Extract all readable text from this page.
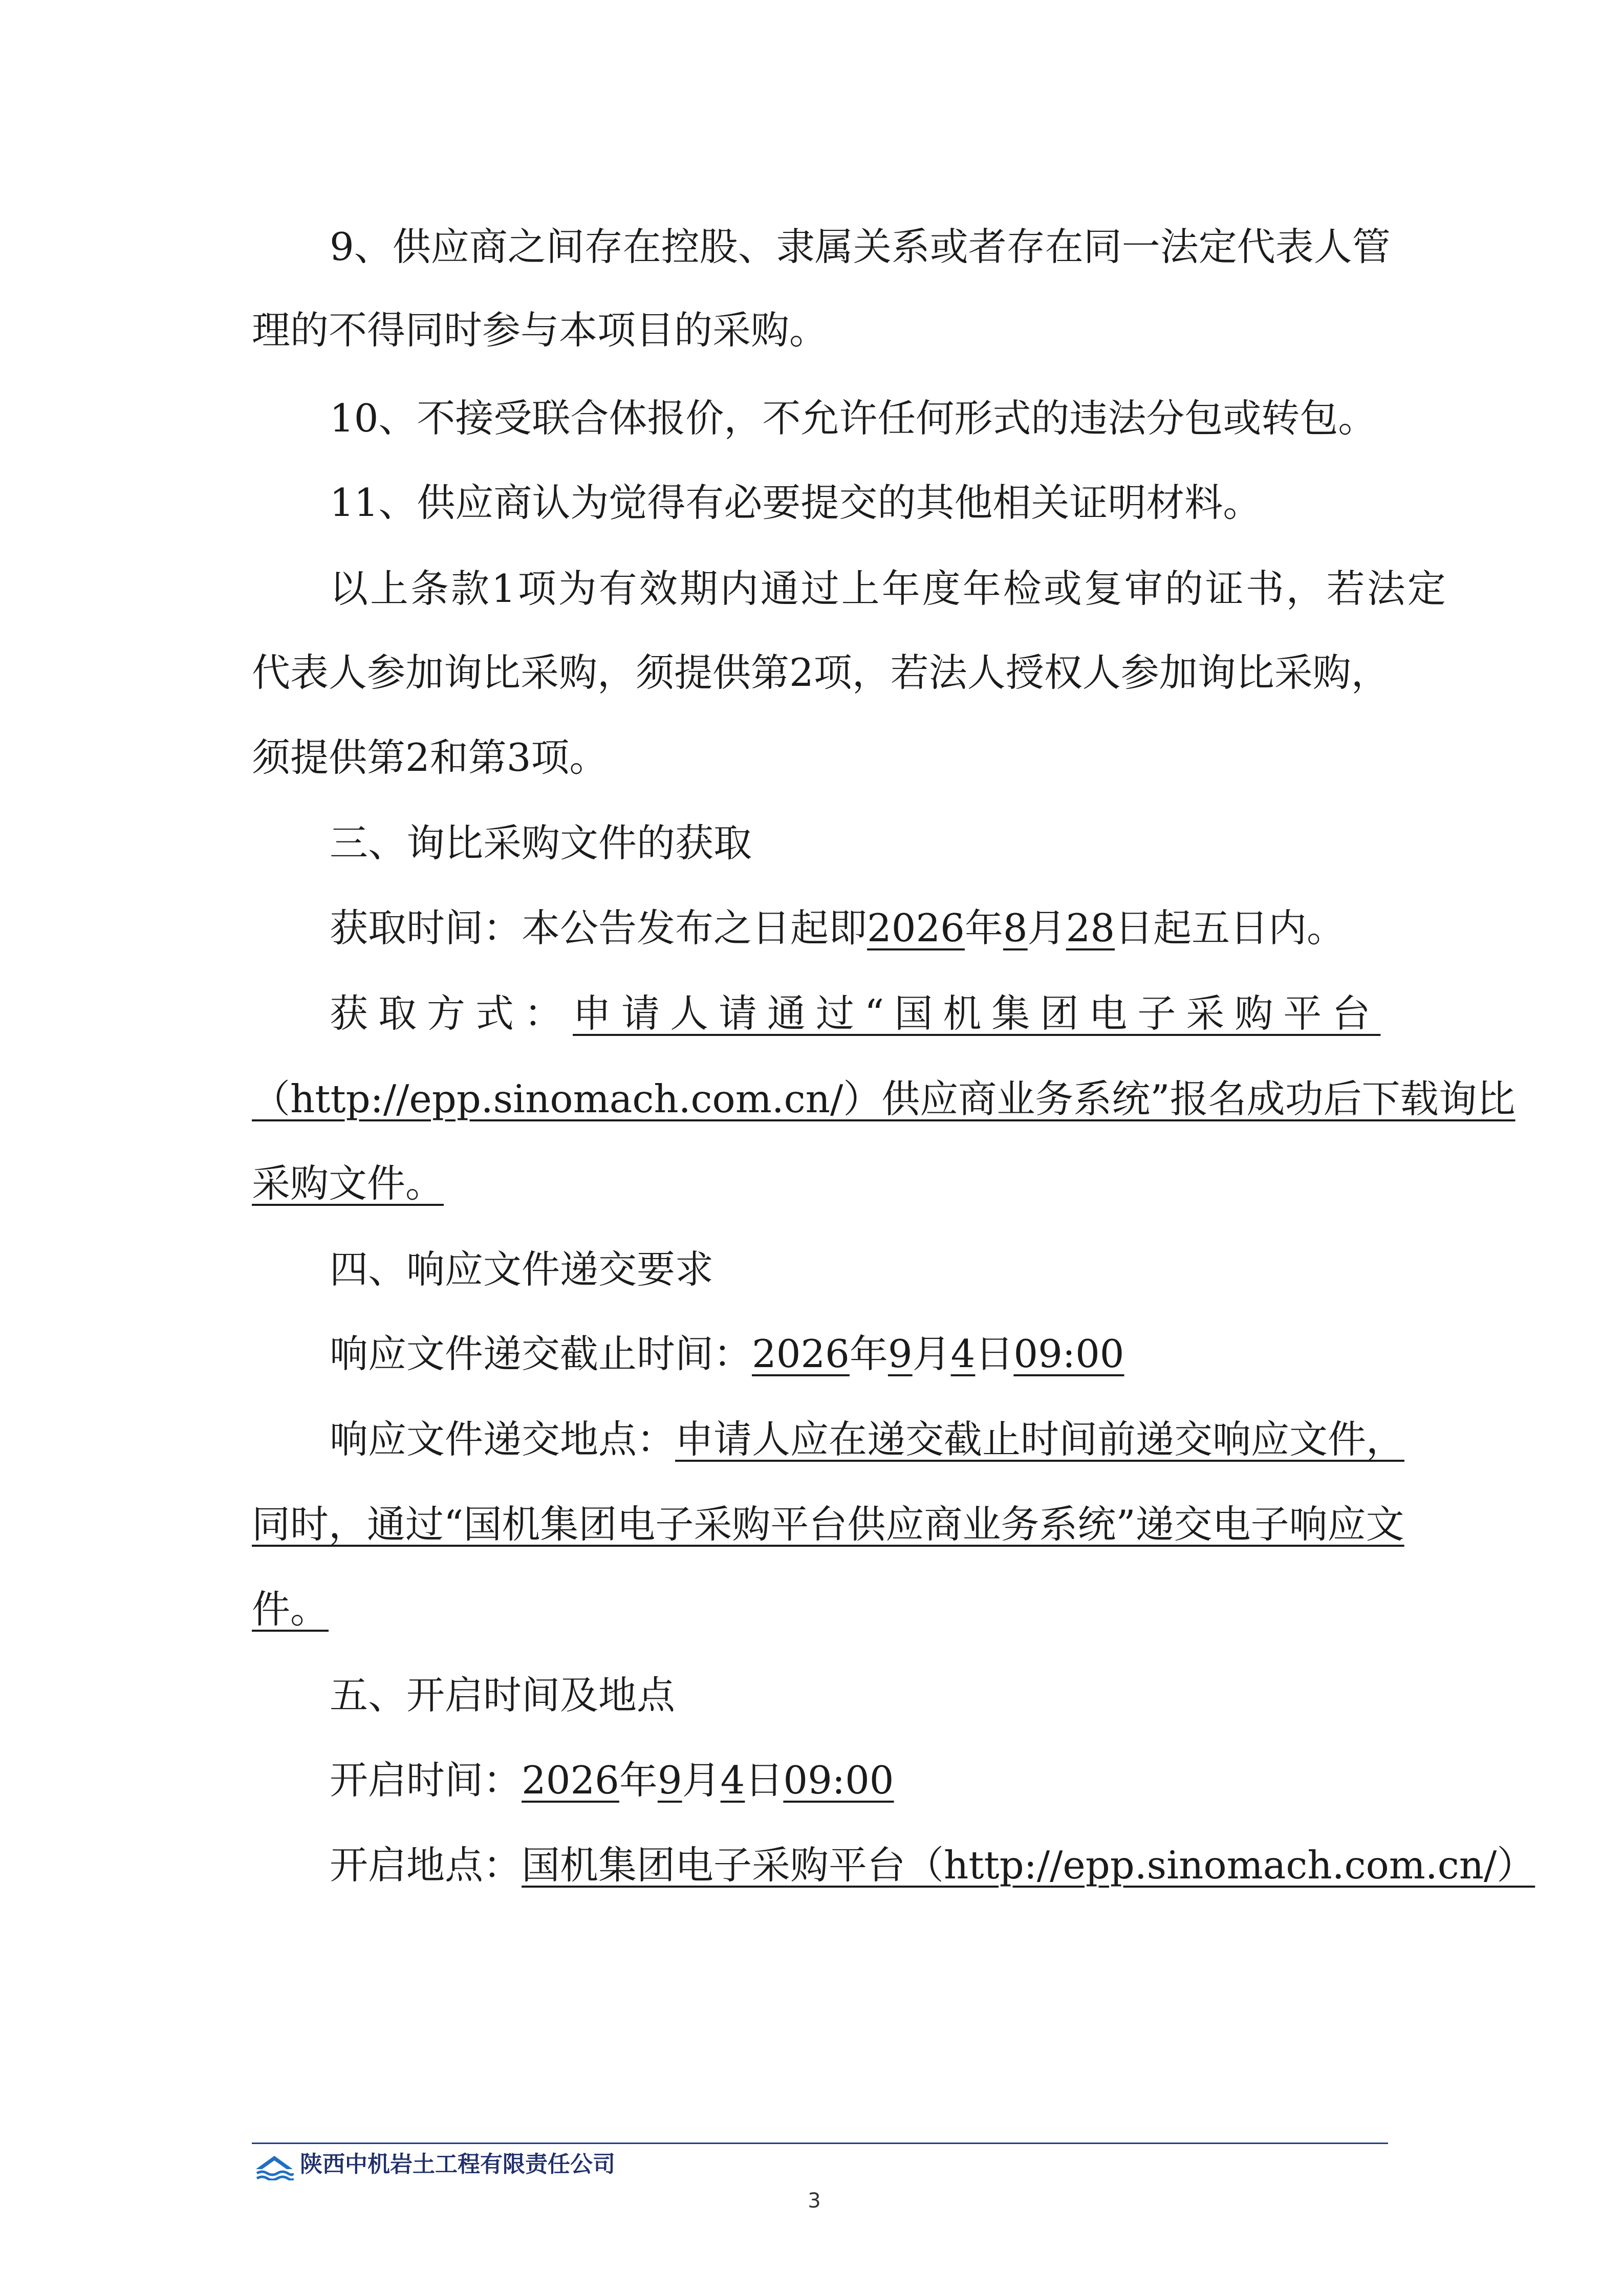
9、供应商之间存在控股、隶属关系或者存在同一法定代表人管
理的不得同时参与本项目的采购。
10、不接受联合体报价，不允许任何形式的违法分包或转包。
11、供应商认为觉得有必要提交的其他相关证明材料。
以上条款1项为有效期内通过上年度年检或复审的证书，若法定
代表人参加询比采购，须提供第2项，若法人授权人参加询比采购，
须提供第2和第3项。
三、询比采购文件的获取
获取时间：本公告发布之日起即2026年8月28日起五日内。
获取方式：申请人请通过“国机集团电子采购平台
（http://epp.sinomach.com.cn/）供应商业务系统”报名成功后下载询比
采购文件。
四、响应文件递交要求
响应文件递交截止时间：2026年9月4日09:00
响应文件递交地点：申请人应在递交截止时间前递交响应文件，
同时，通过“国机集团电子采购平台供应商业务系统”递交电子响应文
件。
五、开启时间及地点
开启时间：2026年9月4日09:00
开启地点：国机集团电子采购平台（http://epp.sinomach.com.cn/）
陕西中机岩土工程有限责任公司
3
